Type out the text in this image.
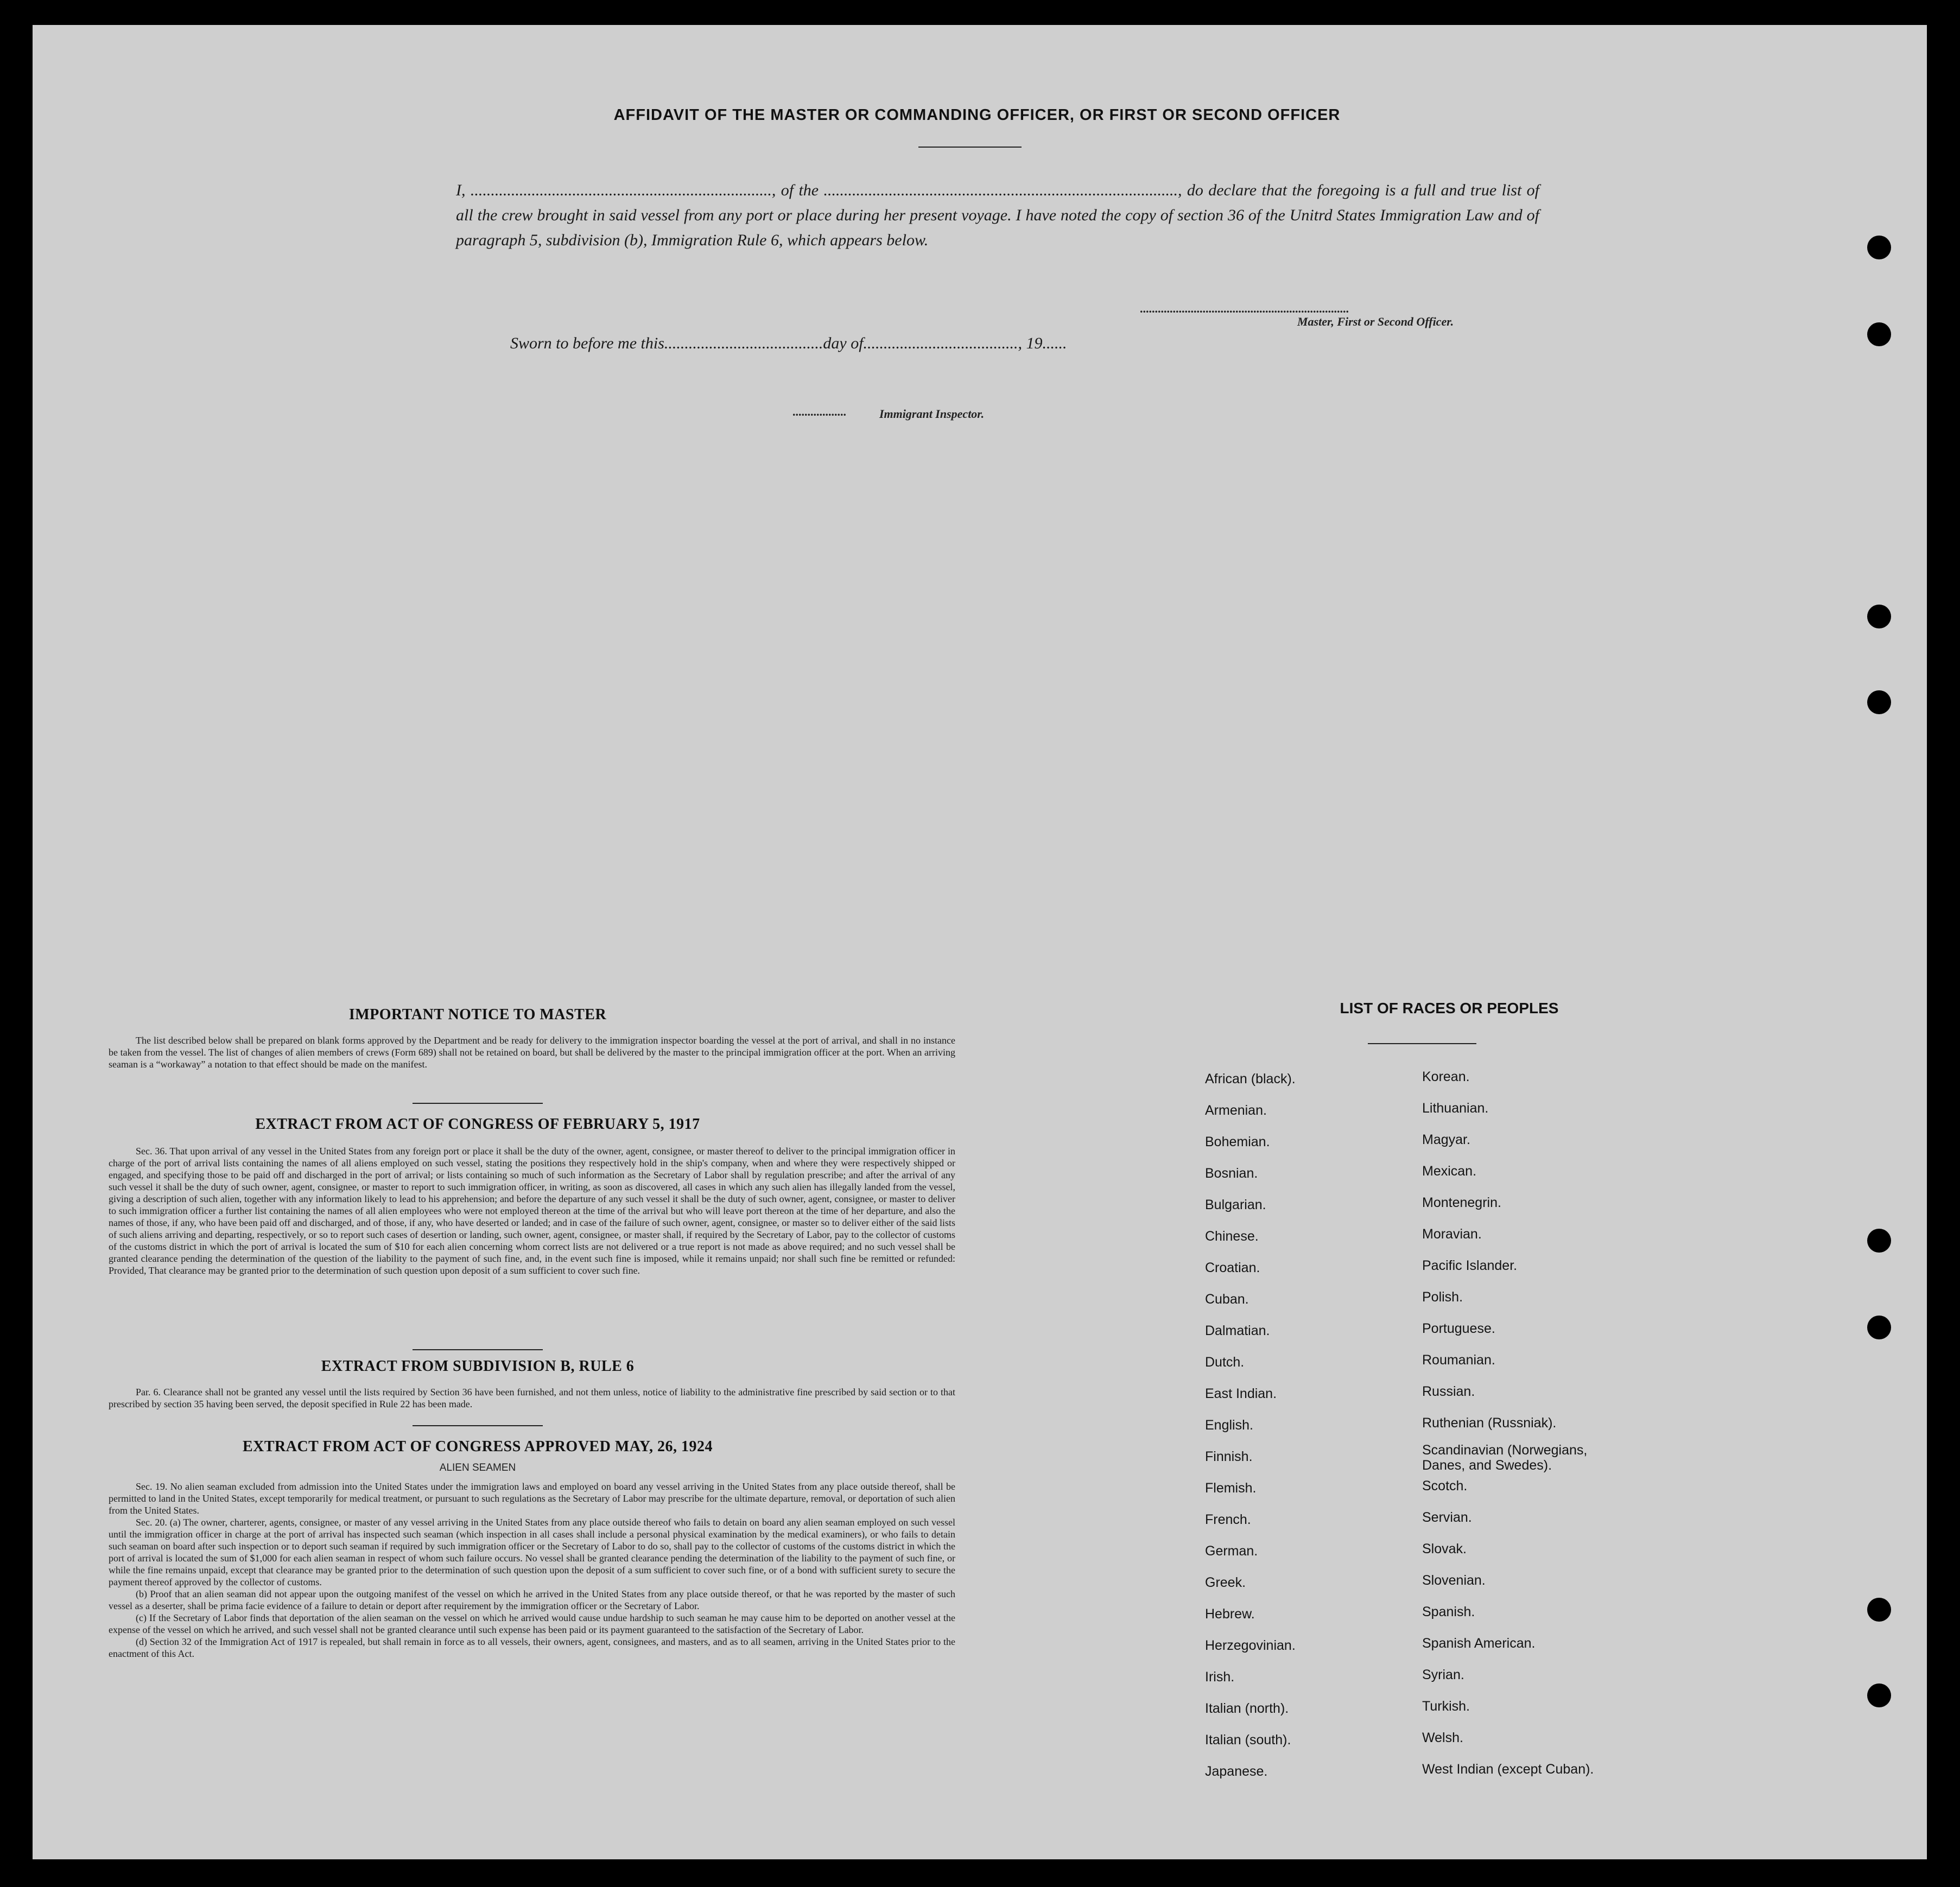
AFFIDAVIT OF THE MASTER OR COMMANDING OFFICER, OR FIRST OR SECOND OFFICER
I, .........................................................................., of the ......................................................................................., do declare that the foregoing is a full and true list of all the crew brought in said vessel from any port or place during her present voyage. I have noted the copy of section 36 of the Unitrd States Immigration Law and of paragraph 5, subdivision (b), Immigration Rule 6, which appears below.
......................................................................
Master, First or Second Officer.
Sworn to before me this.......................................day of......................................, 19......
..................	Immigrant Inspector.
IMPORTANT NOTICE TO MASTER

The list described below shall be prepared on blank forms approved by the Department and be ready for delivery to the immigration inspector boarding the vessel at the port of arrival, and shall in no instance be taken from the vessel. The list of changes of alien members of crews (Form 689) shall not be retained on board, but shall be delivered by the master to the principal immigration officer at the port. When an arriving seaman is a “workaway” a notation to that effect should be made on the manifest.

EXTRACT FROM ACT OF CONGRESS OF FEBRUARY 5, 1917

Sec. 36. That upon arrival of any vessel in the United States from any foreign port or place it shall be the duty of the owner, agent, consignee, or master thereof to deliver to the principal immigration officer in charge of the port of arrival lists containing the names of all aliens employed on such vessel, stating the positions they respectively hold in the ship's company, when and where they were respectively shipped or engaged, and specifying those to be paid off and discharged in the port of arrival; or lists containing so much of such information as the Secretary of Labor shall by regulation prescribe; and after the arrival of any such vessel it shall be the duty of such owner, agent, consignee, or master to report to such immigration officer, in writing, as soon as discovered, all cases in which any such alien has illegally landed from the vessel, giving a description of such alien, together with any information likely to lead to his apprehension; and before the departure of any such vessel it shall be the duty of such owner, agent, consignee, or master to deliver to such immigration officer a further list containing the names of all alien employees who were not employed thereon at the time of the arrival but who will leave port thereon at the time of her departure, and also the names of those, if any, who have been paid off and discharged, and of those, if any, who have deserted or landed; and in case of the failure of such owner, agent, consignee, or master so to deliver either of the said lists of such aliens arriving and departing, respectively, or so to report such cases of desertion or landing, such owner, agent, consignee, or master shall, if required by the Secretary of Labor, pay to the collector of customs of the customs district in which the port of arrival is located the sum of $10 for each alien concerning whom correct lists are not delivered or a true report is not made as above required; and no such vessel shall be granted clearance pending the determination of the question of the liability to the payment of such fine, and, in the event such fine is imposed, while it remains unpaid; nor shall such fine be remitted or refunded: Provided, That clearance may be granted prior to the determination of such question upon deposit of a sum sufficient to cover such fine.

EXTRACT FROM SUBDIVISION B, RULE 6

Par. 6. Clearance shall not be granted any vessel until the lists required by Section 36 have been furnished, and not them unless, notice of liability to the administrative fine prescribed by said section or to that prescribed by section 35 having been served, the deposit specified in Rule 22 has been made.

EXTRACT FROM ACT OF CONGRESS APPROVED MAY, 26, 1924
ALIEN SEAMEN

Sec. 19. No alien seaman excluded from admission into the United States under the immigration laws and employed on board any vessel arriving in the United States from any place outside thereof, shall be permitted to land in the United States, except temporarily for medical treatment, or pursuant to such regulations as the Secretary of Labor may prescribe for the ultimate departure, removal, or deportation of such alien from the United States.

Sec. 20. (a) The owner, charterer, agents, consignee, or master of any vessel arriving in the United States from any place outside thereof who fails to detain on board any alien seaman employed on such vessel until the immigration officer in charge at the port of arrival has inspected such seaman (which inspection in all cases shall include a personal physical examination by the medical examiners), or who fails to detain such seaman on board after such inspection or to deport such seaman if required by such immigration officer or the Secretary of Labor to do so, shall pay to the collector of customs of the customs district in which the port of arrival is located the sum of $1,000 for each alien seaman in respect of whom such failure occurs. No vessel shall be granted clearance pending the determination of the liability to the payment of such fine, or while the fine remains unpaid, except that clearance may be granted prior to the determination of such question upon the deposit of a sum sufficient to cover such fine, or of a bond with sufficient surety to secure the payment thereof approved by the collector of customs.

(b) Proof that an alien seaman did not appear upon the outgoing manifest of the vessel on which he arrived in the United States from any place outside thereof, or that he was reported by the master of such vessel as a deserter, shall be prima facie evidence of a failure to detain or deport after requirement by the immigration officer or the Secretary of Labor.

(c) If the Secretary of Labor finds that deportation of the alien seaman on the vessel on which he arrived would cause undue hardship to such seaman he may cause him to be deported on another vessel at the expense of the vessel on which he arrived, and such vessel shall not be granted clearance until such expense has been paid or its payment guaranteed to the satisfaction of the Secretary of Labor.

(d) Section 32 of the Immigration Act of 1917 is repealed, but shall remain in force as to all vessels, their owners, agent, consignees, and masters, and as to all seamen, arriving in the United States prior to the enactment of this Act.

LIST OF RACES OR PEOPLES
African (black).
Armenian.
Bohemian.
Bosnian.
Bulgarian.
Chinese.
Croatian.
Cuban.
Dalmatian.
Dutch.
East Indian.
English.
Finnish.
Flemish.
French.
German.
Greek.
Hebrew.
Herzegovinian.
Irish.
Italian (north).
Italian (south).
Japanese.
Korean.
Lithuanian.
Magyar.
Mexican.
Montenegrin.
Moravian.
Pacific Islander.
Polish.
Portuguese.
Roumanian.
Russian.
Ruthenian (Russniak).
Scandinavian (Norwegians, Danes, and Swedes).
Scotch.
Servian.
Slovak.
Slovenian.
Spanish.
Spanish American.
Syrian.
Turkish.
Welsh.
West Indian (except Cuban).
